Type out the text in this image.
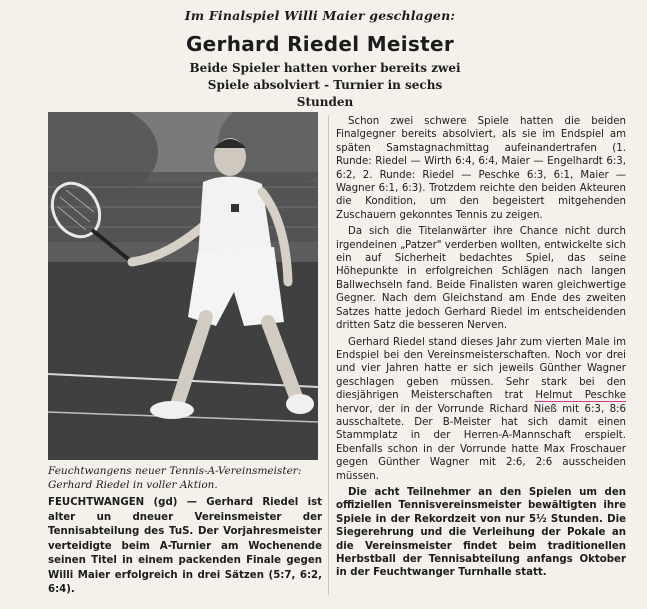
Im Finalspiel Willi Maier geschlagen:
Gerhard Riedel Meister
Beide Spieler hatten vorher bereits zwei
Spiele absolviert - Turnier in sechs Stunden
Feuchtwangens neuer Tennis-A-Vereinsmeister: Gerhard Riedel in voller Aktion.
FEUCHTWANGEN (gd) — Gerhard Riedel ist alter un dneuer Vereinsmeister der Tennisabteilung des TuS. Der Vorjahresmeister verteidigte beim A-Turnier am Wochenende seinen Titel in einem packenden Finale gegen Willi Maier erfolgreich in drei Sätzen (5:7, 6:2, 6:4).

Schon zwei schwere Spiele hatten die beiden Finalgegner bereits absolviert, als sie im Endspiel am späten Samstagnachmittag aufeinandertrafen (1. Runde: Riedel — Wirth 6:4, 6:4, Maier — Engelhardt 6:3, 6:2, 2. Runde: Riedel — Peschke 6:3, 6:1, Maier — Wagner 6:1, 6:3). Trotzdem reichte den beiden Akteuren die Kondition, um den begeistert mitgehenden Zuschauern gekonntes Tennis zu zeigen.

Da sich die Titelanwärter ihre Chance nicht durch irgendeinen „Patzer" verderben wollten, entwickelte sich ein auf Sicherheit bedachtes Spiel, das seine Höhepunkte in erfolgreichen Schlägen nach langen Ballwechseln fand. Beide Finalisten waren gleichwertige Gegner. Nach dem Gleichstand am Ende des zweiten Satzes hatte jedoch Gerhard Riedel im entscheidenden dritten Satz die besseren Nerven.

Gerhard Riedel stand dieses Jahr zum vierten Male im Endspiel bei den Vereinsmeisterschaften. Noch vor drei und vier Jahren hatte er sich jeweils Günther Wagner geschlagen geben müssen. Sehr stark bei den diesjährigen Meisterschaften trat Helmut Peschke hervor, der in der Vorrunde Richard Nieß mit 6:3, 8:6 ausschaltete. Der B-Meister hat sich damit einen Stammplatz in der Herren-A-Mannschaft erspielt. Ebenfalls schon in der Vorrunde hatte Max Froschauer gegen Günther Wagner mit 2:6, 2:6 ausscheiden müssen.

Die acht Teilnehmer an den Spielen um den offiziellen Tennisvereinsmeister bewältigten ihre Spiele in der Rekordzeit von nur 5½ Stunden. Die Siegerehrung und die Verleihung der Pokale an die Vereinsmeister findet beim traditionellen Herbstball der Tennisabteilung anfangs Oktober in der Feuchtwanger Turnhalle statt.
